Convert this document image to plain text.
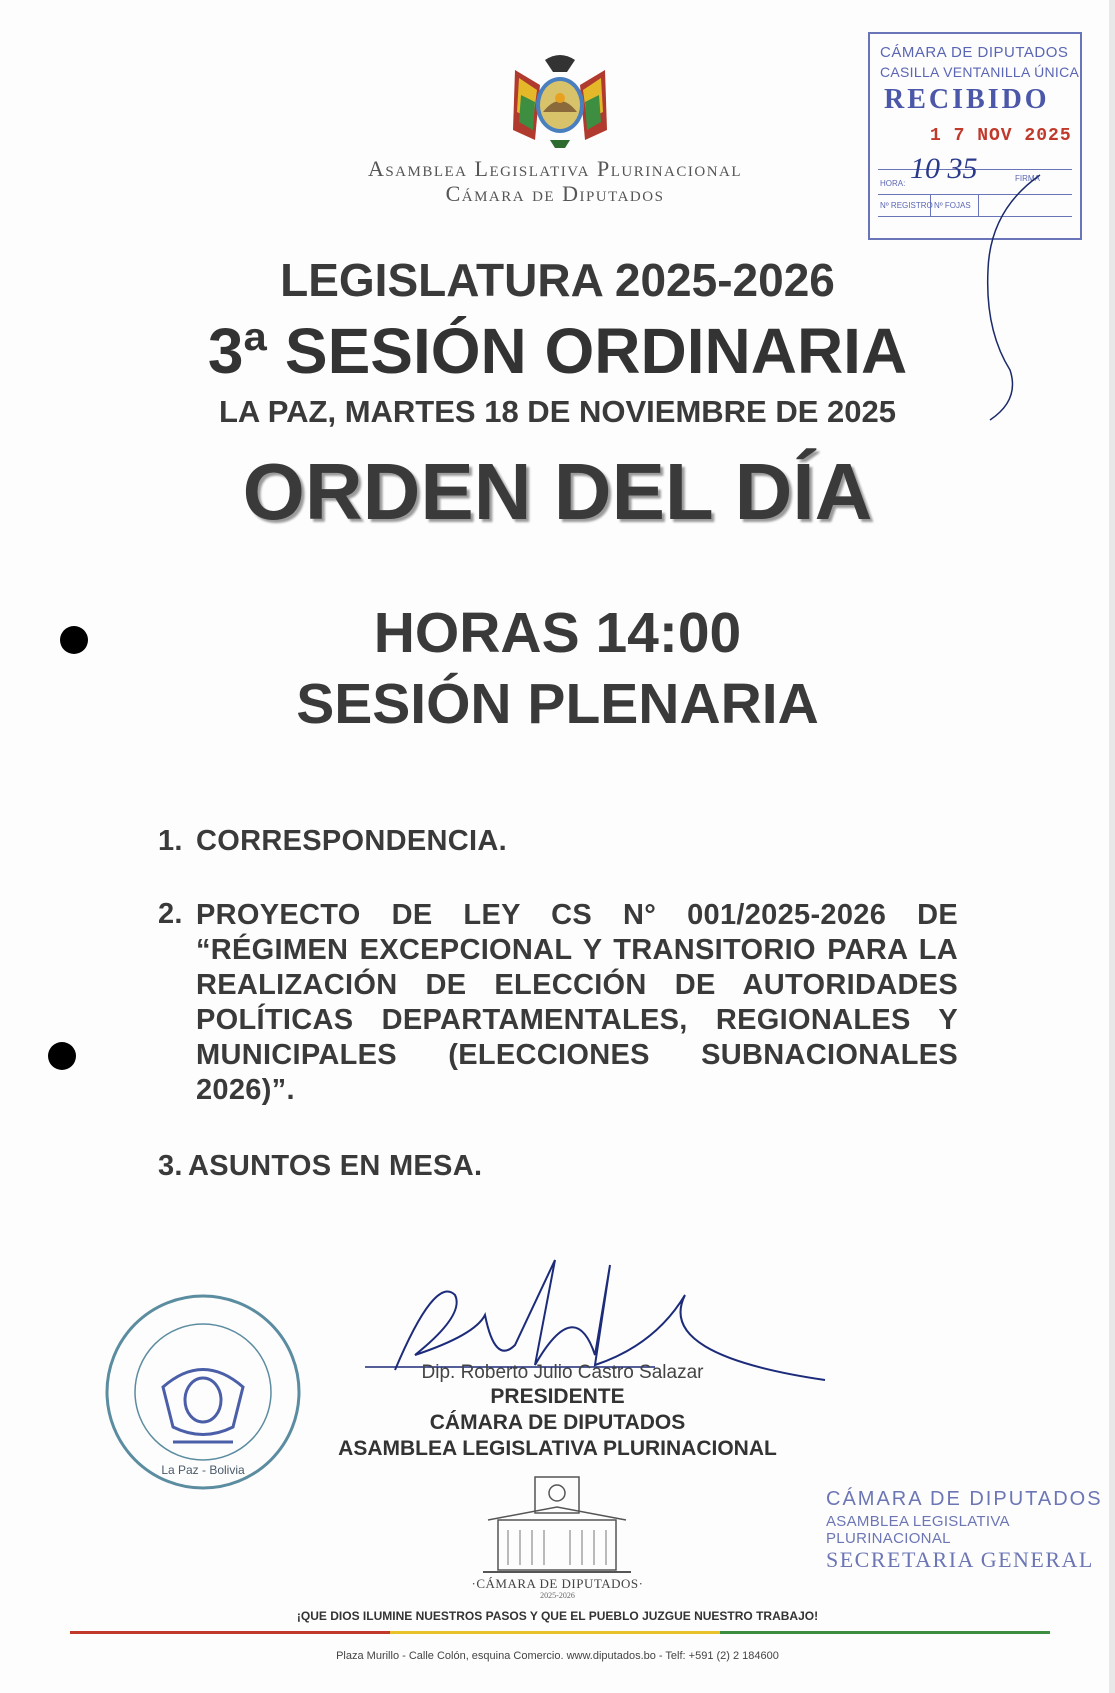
Asamblea Legislativa Plurinacional
Cámara de Diputados
CÁMARA DE DIPUTADOS
CASILLA VENTANILLA ÚNICA
RECIBIDO
1 7 NOV 2025
HORA:
FIRMA
Nº REGISTRO Nº FOJAS
10 35
LEGISLATURA 2025-2026
3ª SESIÓN ORDINARIA
LA PAZ, MARTES 18 DE NOVIEMBRE DE 2025
ORDEN DEL DÍA
HORAS 14:00
SESIÓN PLENARIA
1. CORRESPONDENCIA.
2. PROYECTO DE LEY CS N° 001/2025-2026 DE “RÉGIMEN EXCEPCIONAL Y TRANSITORIO PARA LA REALIZACIÓN DE ELECCIÓN DE AUTORIDADES POLÍTICAS DEPARTAMENTALES, REGIONALES Y MUNICIPALES (ELECCIONES SUBNACIONALES 2026)”.
3. ASUNTOS EN MESA.
La Paz - Bolivia
Dip. Roberto Julio Castro Salazar
PRESIDENTE
CÁMARA DE DIPUTADOS
ASAMBLEA LEGISLATIVA PLURINACIONAL
CÁMARA DE DIPUTADOS
ASAMBLEA LEGISLATIVA PLURINACIONAL
SECRETARIA GENERAL
·CÁMARA DE DIPUTADOS·
2025-2026
¡QUE DIOS ILUMINE NUESTROS PASOS Y QUE EL PUEBLO JUZGUE NUESTRO TRABAJO!
Plaza Murillo - Calle Colón, esquina Comercio. www.diputados.bo - Telf: +591 (2) 2 184600
